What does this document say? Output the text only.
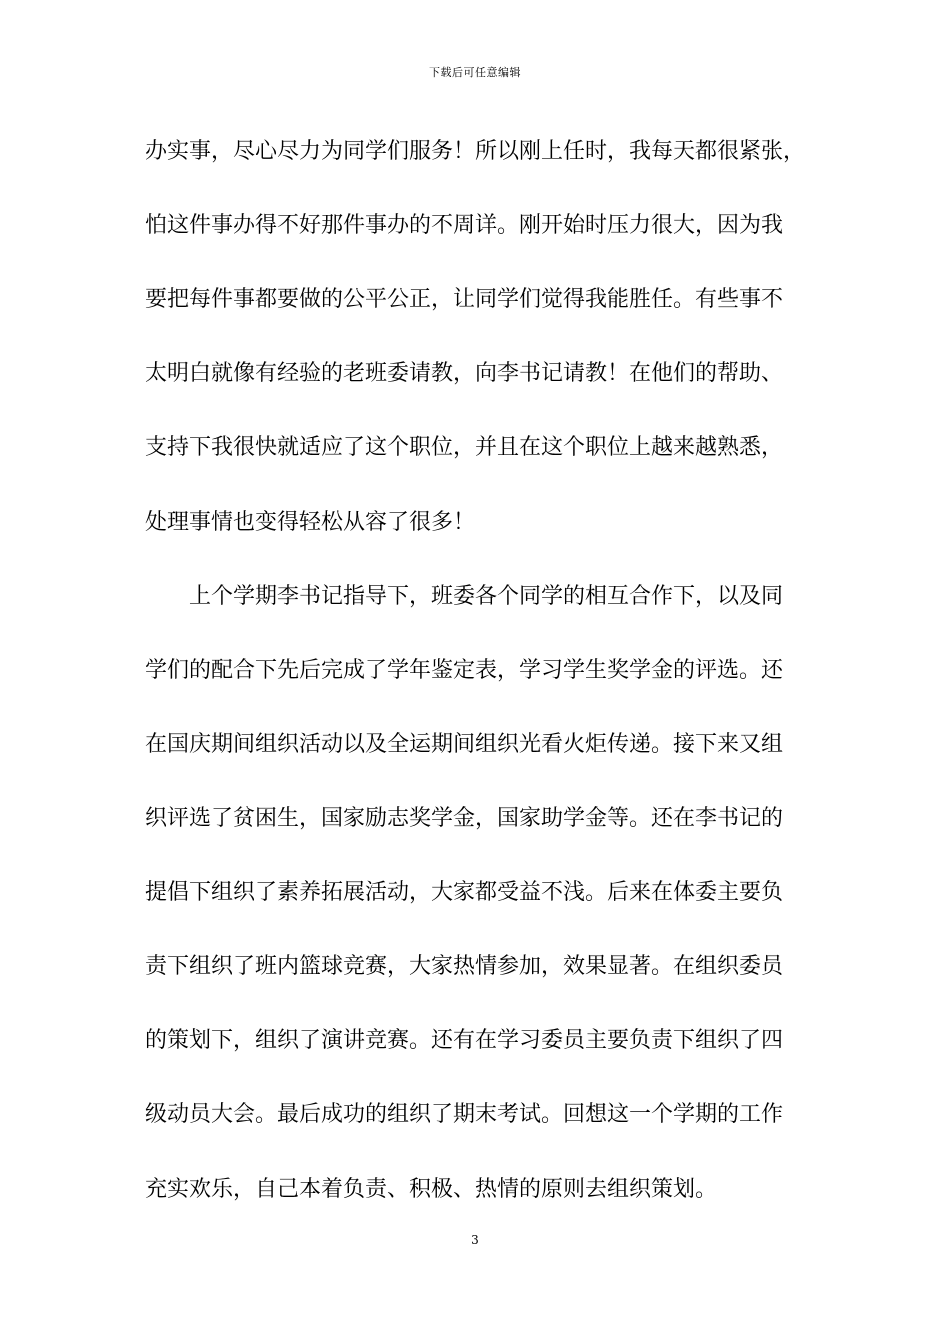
下载后可任意编辑
办实事，尽心尽力为同学们服务！所以刚上任时，我每天都很紧张，
怕这件事办得不好那件事办的不周详。刚开始时压力很大，因为我
要把每件事都要做的公平公正，让同学们觉得我能胜任。有些事不
太明白就像有经验的老班委请教，向李书记请教！在他们的帮助、
支持下我很快就适应了这个职位，并且在这个职位上越来越熟悉，
处理事情也变得轻松从容了很多！
上个学期李书记指导下，班委各个同学的相互合作下，以及同
学们的配合下先后完成了学年鉴定表，学习学生奖学金的评选。还
在国庆期间组织活动以及全运期间组织光看火炬传递。接下来又组
织评选了贫困生，国家励志奖学金，国家助学金等。还在李书记的
提倡下组织了素养拓展活动，大家都受益不浅。后来在体委主要负
责下组织了班内篮球竞赛，大家热情参加，效果显著。在组织委员
的策划下，组织了演讲竞赛。还有在学习委员主要负责下组织了四
级动员大会。最后成功的组织了期末考试。回想这一个学期的工作
充实欢乐，自己本着负责、积极、热情的原则去组织策划。
3
